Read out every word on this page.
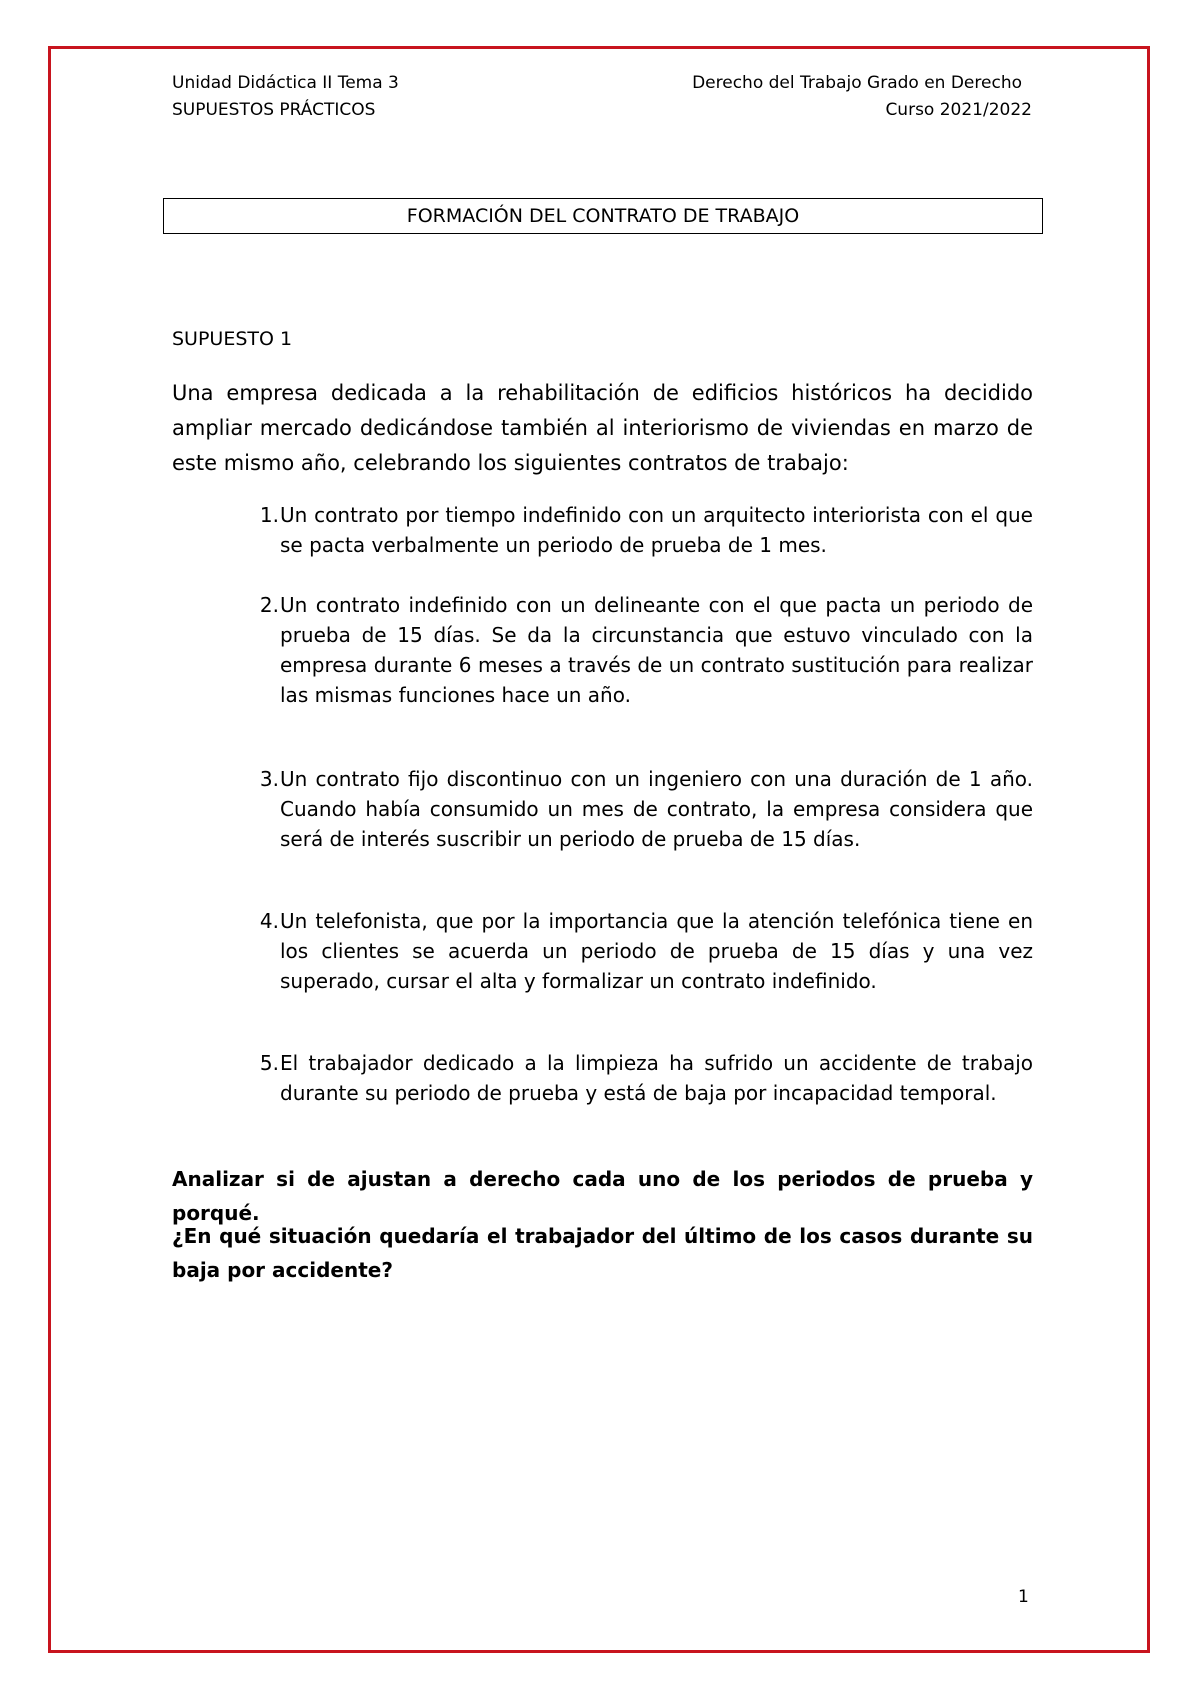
Unidad Didáctica II Tema 3
SUPUESTOS PRÁCTICOS
Derecho del Trabajo Grado en Derecho
Curso 2021/2022
FORMACIÓN DEL CONTRATO DE TRABAJO
SUPUESTO 1
Una empresa dedicada a la rehabilitación de edificios históricos ha decidido ampliar mercado dedicándose también al interiorismo de viviendas en marzo de este mismo año, celebrando los siguientes contratos de trabajo:
1. Un contrato por tiempo indefinido con un arquitecto interiorista con el que se pacta verbalmente un periodo de prueba de 1 mes.
2. Un contrato indefinido con un delineante con el que pacta un periodo de prueba de 15 días. Se da la circunstancia que estuvo vinculado con la empresa durante 6 meses a través de un contrato sustitución para realizar las mismas funciones hace un año.
3. Un contrato fijo discontinuo con un ingeniero con una duración de 1 año. Cuando había consumido un mes de contrato, la empresa considera que será de interés suscribir un periodo de prueba de 15 días.
4. Un telefonista, que por la importancia que la atención telefónica tiene en los clientes se acuerda un periodo de prueba de 15 días y una vez superado, cursar el alta y formalizar un contrato indefinido.
5. El trabajador dedicado a la limpieza ha sufrido un accidente de trabajo durante su periodo de prueba y está de baja por incapacidad temporal.
Analizar si de ajustan a derecho cada uno de los periodos de prueba y porqué.
¿En qué situación quedaría el trabajador del último de los casos durante su baja por accidente?
1
